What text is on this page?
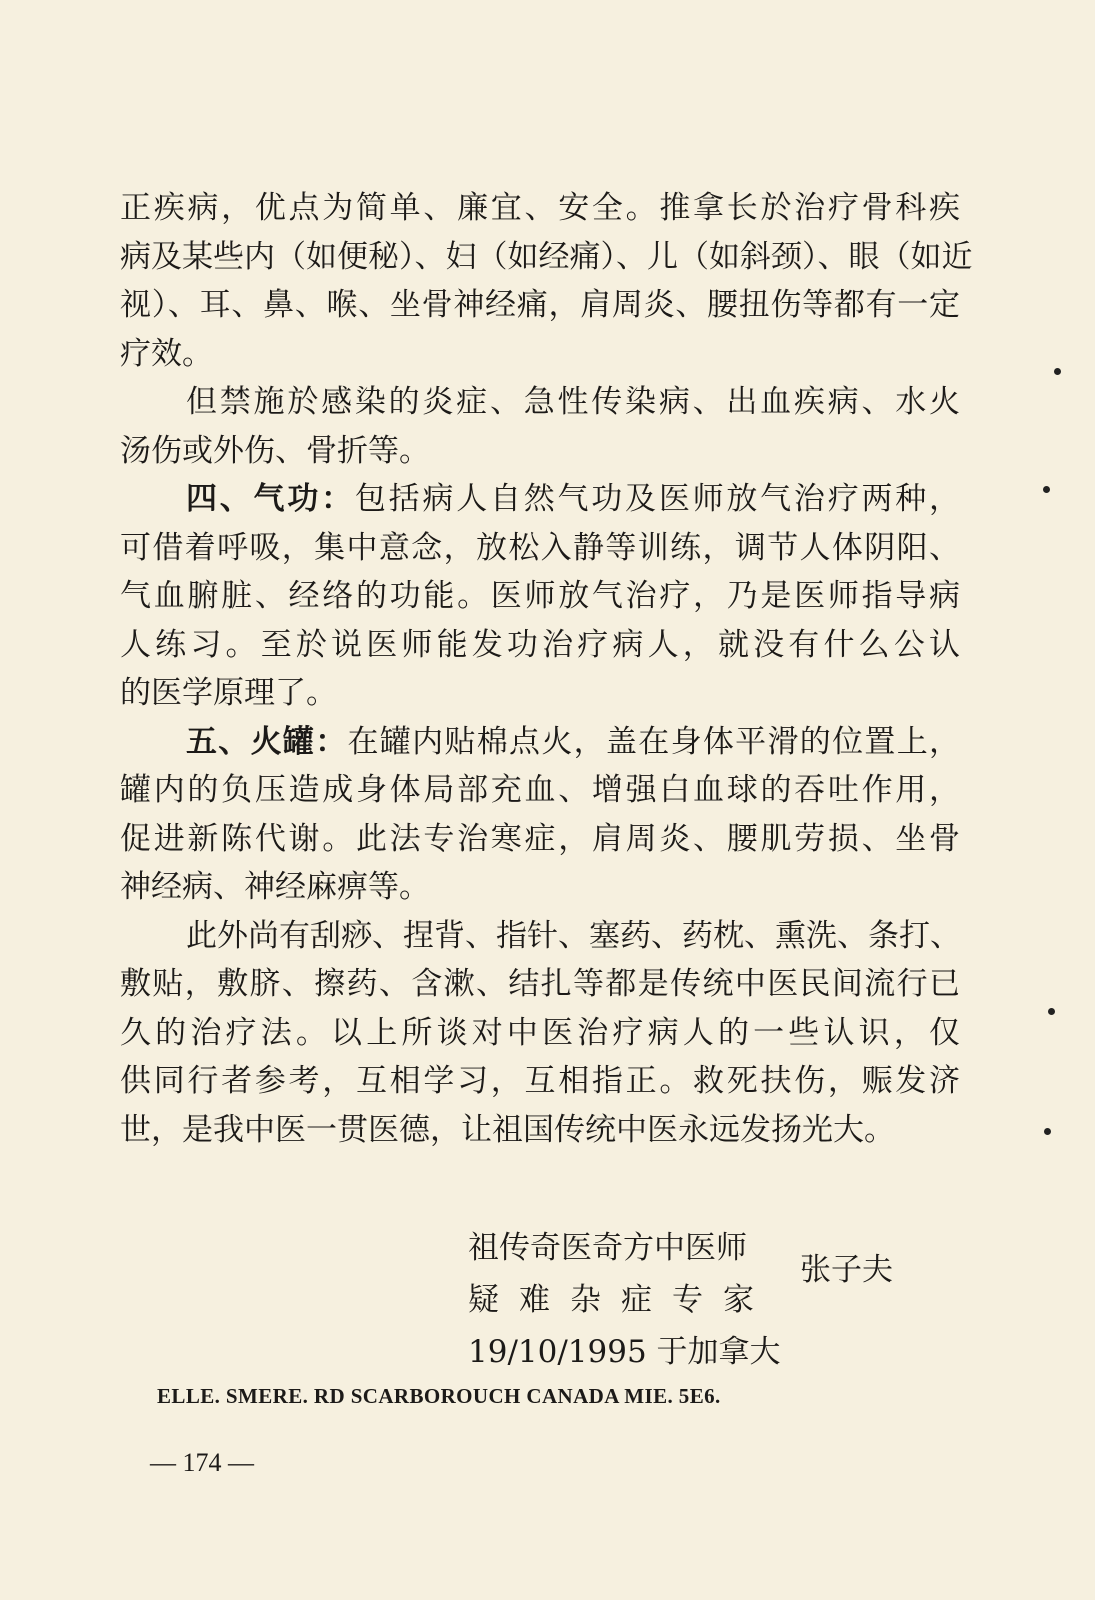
正疾病，优点为简单、廉宜、安全。推拿长於治疗骨科疾
病及某些内（如便秘）、妇（如经痛）、儿（如斜颈）、眼（如近
视）、耳、鼻、喉、坐骨神经痛，肩周炎、腰扭伤等都有一定
疗效。
但禁施於感染的炎症、急性传染病、出血疾病、水火
汤伤或外伤、骨折等。
四、气功：包括病人自然气功及医师放气治疗两种，
可借着呼吸，集中意念，放松入静等训练，调节人体阴阳、
气血腑脏、经络的功能。医师放气治疗，乃是医师指导病
人练习。至於说医师能发功治疗病人，就没有什么公认
的医学原理了。
五、火罐：在罐内贴棉点火，盖在身体平滑的位置上，
罐内的负压造成身体局部充血、增强白血球的吞吐作用，
促进新陈代谢。此法专治寒症，肩周炎、腰肌劳损、坐骨
神经病、神经麻痹等。
此外尚有刮痧、捏背、指针、塞药、药枕、熏洗、条打、
敷贴，敷脐、擦药、含漱、结扎等都是传统中医民间流行已
久的治疗法。以上所谈对中医治疗病人的一些认识，仅
供同行者参考，互相学习，互相指正。救死扶伤，赈发济
世，是我中医一贯医德，让祖国传统中医永远发扬光大。
祖传奇医奇方中医师
疑难杂症专家
19/10/1995 于加拿大
张子夫
ELLE. SMERE. RD SCARBOROUCH CANADA MIE. 5E6.
— 174 —
